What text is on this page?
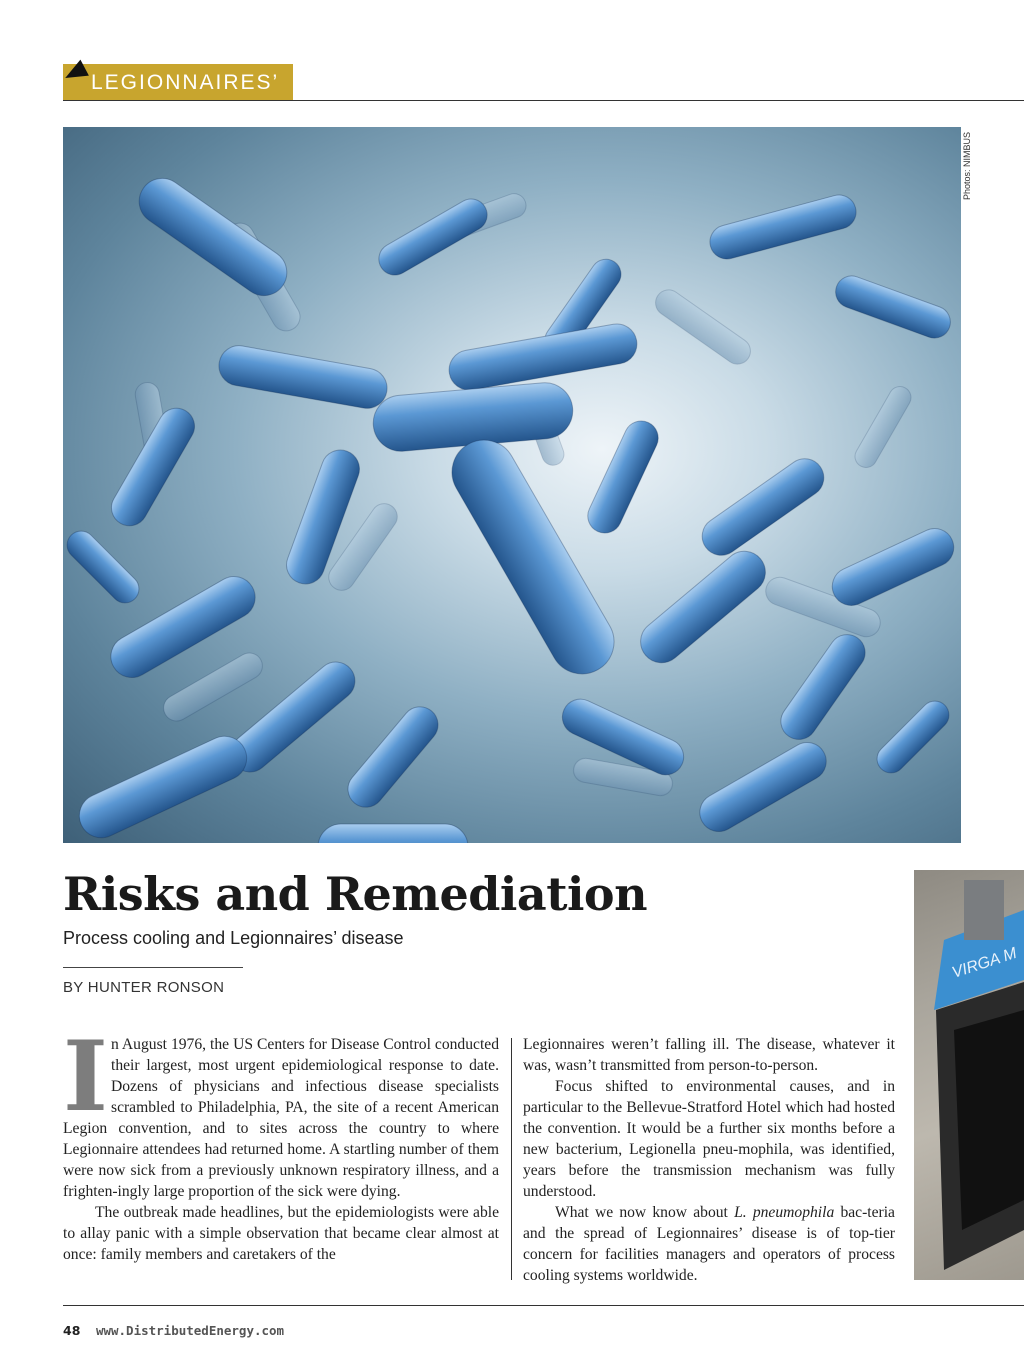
LEGIONNAIRES’
Photos: NIMBUS
VIRGA M
Risks and Remediation
Process cooling and Legionnaires’ disease
BY HUNTER RONSON

In August 1976, the US Centers for Disease Control conducted their largest, most urgent epidemiological response to date. Dozens of physicians and infectious disease specialists scrambled to Philadelphia, PA, the site of a recent American Legion convention, and to sites across the country to where Legionnaire attendees had returned home. A startling number of them were now sick from a previously unknown respiratory illness, and a frighten-ingly large proportion of the sick were dying.

The outbreak made headlines, but the epidemiologists were able to allay panic with a simple observation that became clear almost at once: family members and caretakers of the

Legionnaires weren’t falling ill. The disease, whatever it was, wasn’t transmitted from person-to-person.

Focus shifted to environmental causes, and in particular to the Bellevue-Stratford Hotel which had hosted the convention. It would be a further six months before a new bacterium, Legionella pneu-mophila, was identified, years before the transmission mechanism was fully understood.

What we now know about L. pneumophila bac-teria and the spread of Legionnaires’ disease is of top-tier concern for facilities managers and operators of process cooling systems worldwide.

48 www.DistributedEnergy.com
